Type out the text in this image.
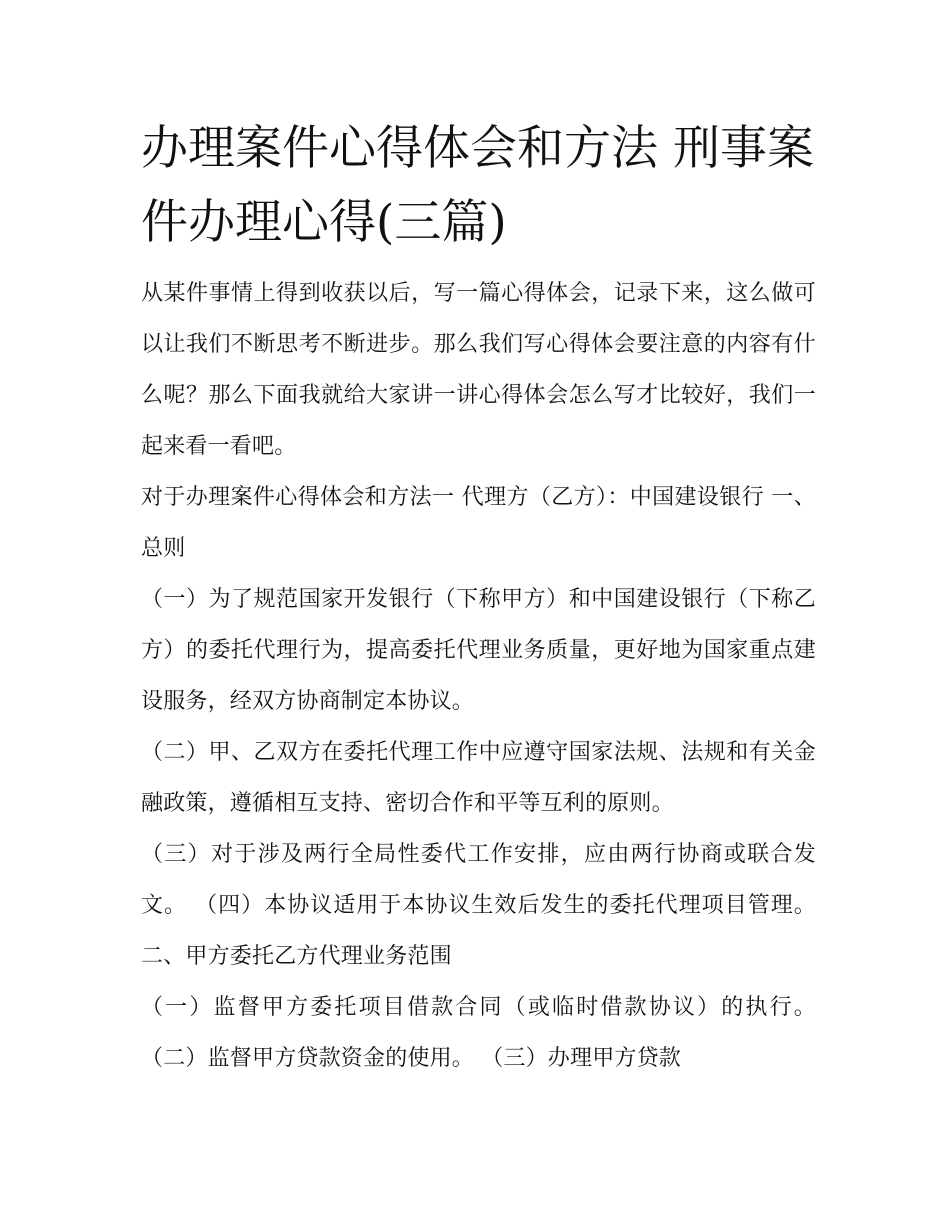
办理案件心得体会和方法 刑事案件办理心得(三篇)

从某件事情上得到收获以后，写一篇心得体会，记录下来，这么做可以让我们不断思考不断进步。那么我们写心得体会要注意的内容有什么呢？那么下面我就给大家讲一讲心得体会怎么写才比较好，我们一起来看一看吧。

对于办理案件心得体会和方法一 代理方（乙方）：中国建设银行 一、总则

（一）为了规范国家开发银行（下称甲方）和中国建设银行（下称乙方）的委托代理行为，提高委托代理业务质量，更好地为国家重点建设服务，经双方协商制定本协议。

（二）甲、乙双方在委托代理工作中应遵守国家法规、法规和有关金融政策，遵循相互支持、密切合作和平等互利的原则。

（三）对于涉及两行全局性委代工作安排，应由两行协商或联合发文。 （四）本协议适用于本协议生效后发生的委托代理项目管理。 二、甲方委托乙方代理业务范围

（一）监督甲方委托项目借款合同（或临时借款协议）的执行。 （二）监督甲方贷款资金的使用。 （三）办理甲方贷款
